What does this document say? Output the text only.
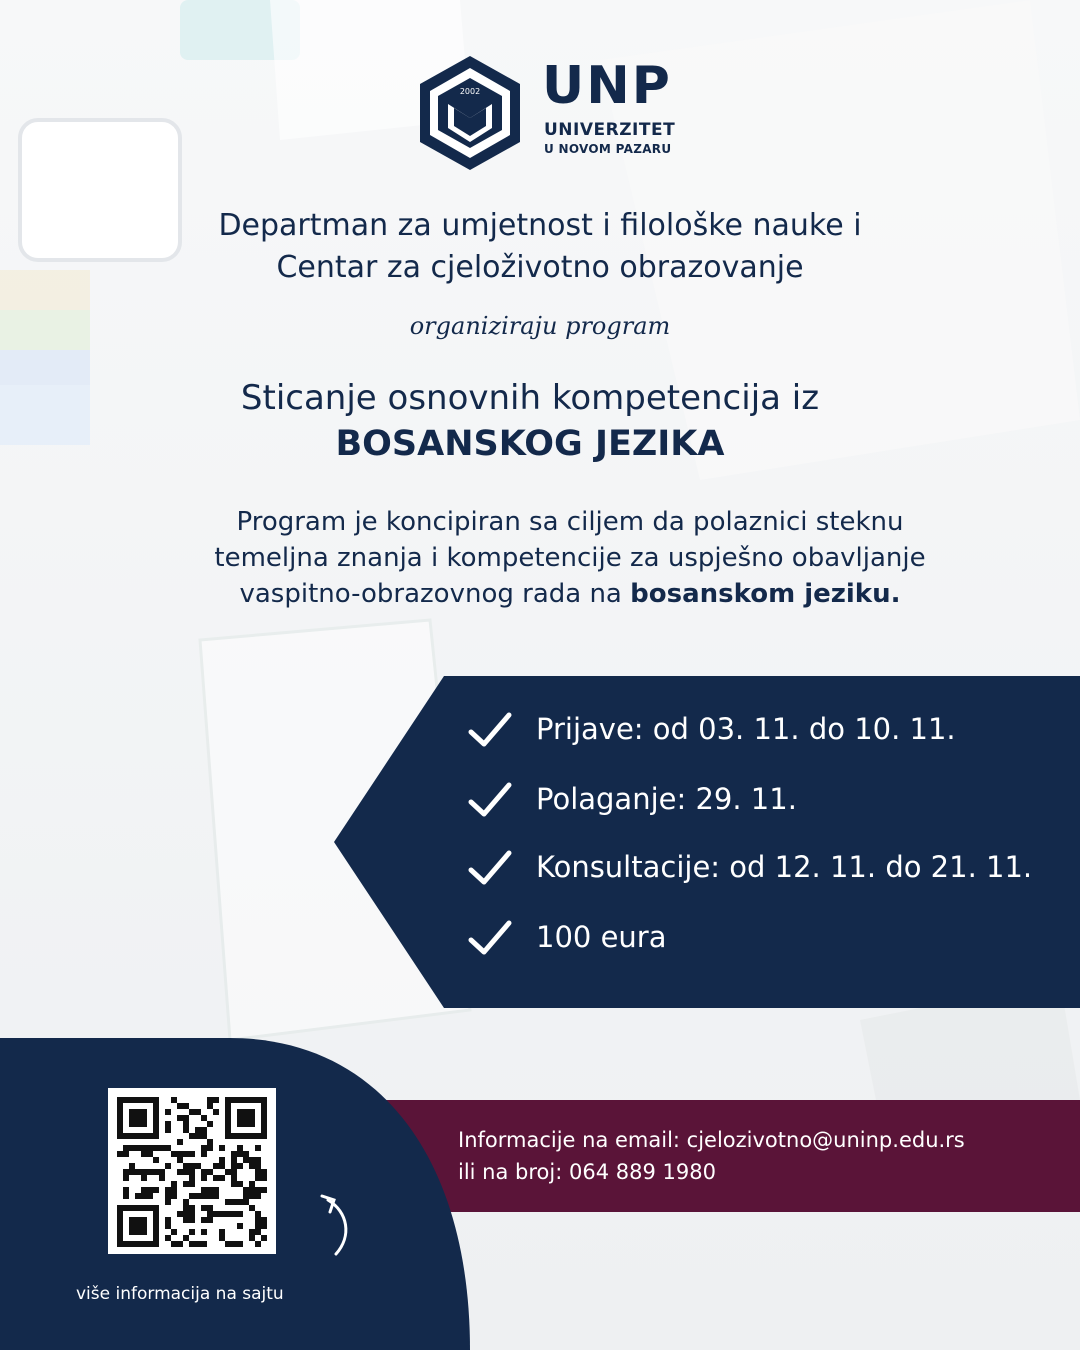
2002 UNP
UNIVERZITET
U NOVOM PAZARU
Departman za umjetnost i filološke nauke i
Centar za cjeloživotno obrazovanje
organiziraju program
Sticanje osnovnih kompetencija iz
BOSANSKOG JEZIKA
Program je koncipiran sa ciljem da polaznici steknu
temeljna znanja i kompetencije za uspješno obavljanje
vaspitno-obrazovnog rada na bosanskom jeziku.
Prijave: od 03. 11. do 10. 11.
Polaganje: 29. 11.
Konsultacije: od 12. 11. do 21. 11.
100 eura
Informacije na email: cjelozivotno@uninp.edu.rs
ili na broj: 064 889 1980
više informacija na sajtu
